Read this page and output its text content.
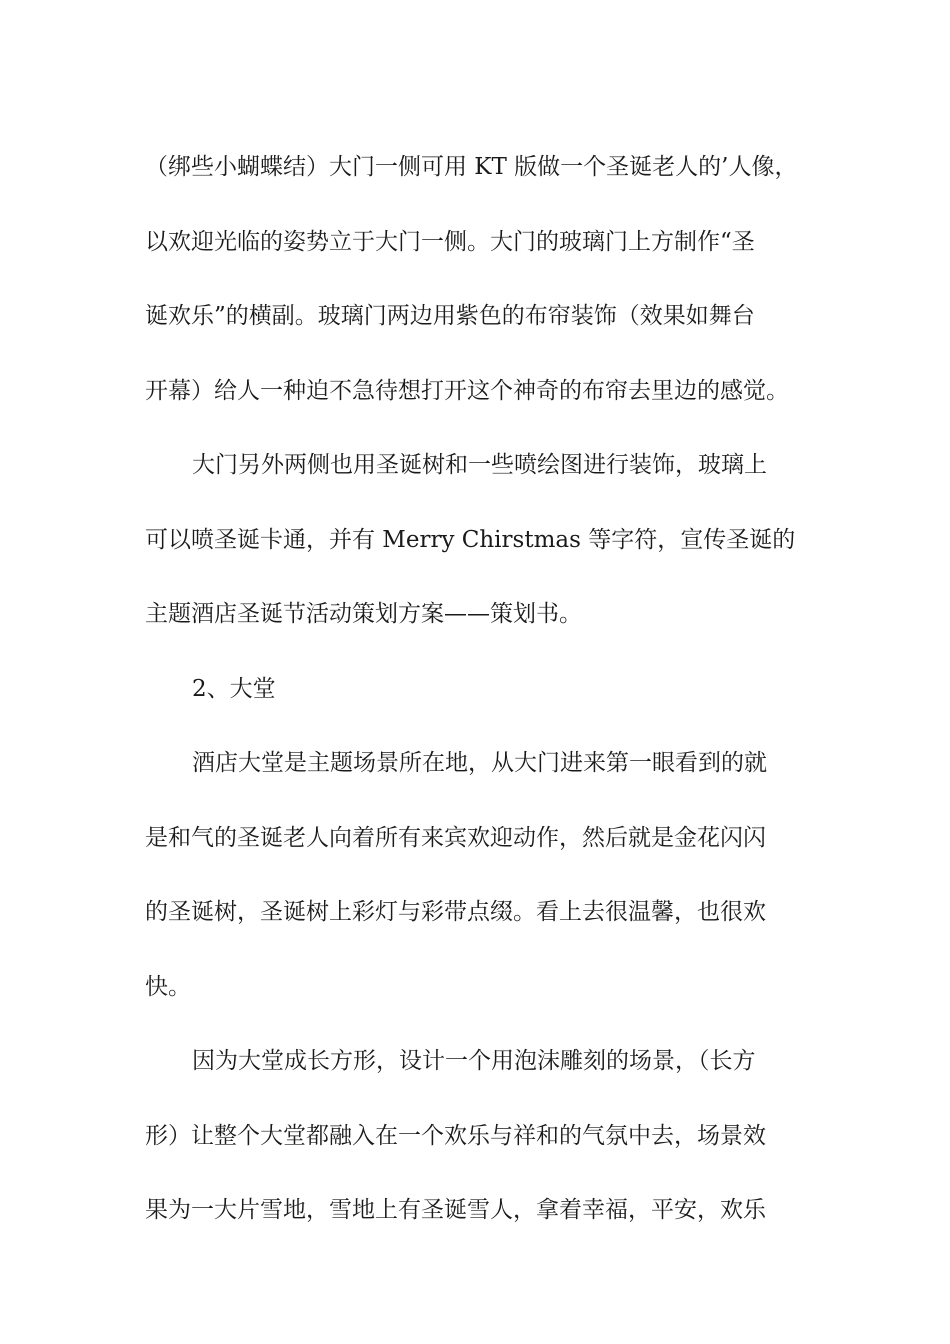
（绑些小蝴蝶结）大门一侧可用 KT 版做一个圣诞老人的’人像，
以欢迎光临的姿势立于大门一侧。大门的玻璃门上方制作“圣
诞欢乐”的横副。玻璃门两边用紫色的布帘装饰（效果如舞台
开幕）给人一种迫不急待想打开这个神奇的布帘去里边的感觉。
大门另外两侧也用圣诞树和一些喷绘图进行装饰，玻璃上
可以喷圣诞卡通，并有 Merry Chirstmas 等字符，宣传圣诞的
主题酒店圣诞节活动策划方案——策划书。
2、大堂
酒店大堂是主题场景所在地，从大门进来第一眼看到的就
是和气的圣诞老人向着所有来宾欢迎动作，然后就是金花闪闪
的圣诞树，圣诞树上彩灯与彩带点缀。看上去很温馨，也很欢
快。
因为大堂成长方形，设计一个用泡沫雕刻的场景，（长方
形）让整个大堂都融入在一个欢乐与祥和的气氛中去，场景效
果为一大片雪地，雪地上有圣诞雪人，拿着幸福，平安，欢乐
